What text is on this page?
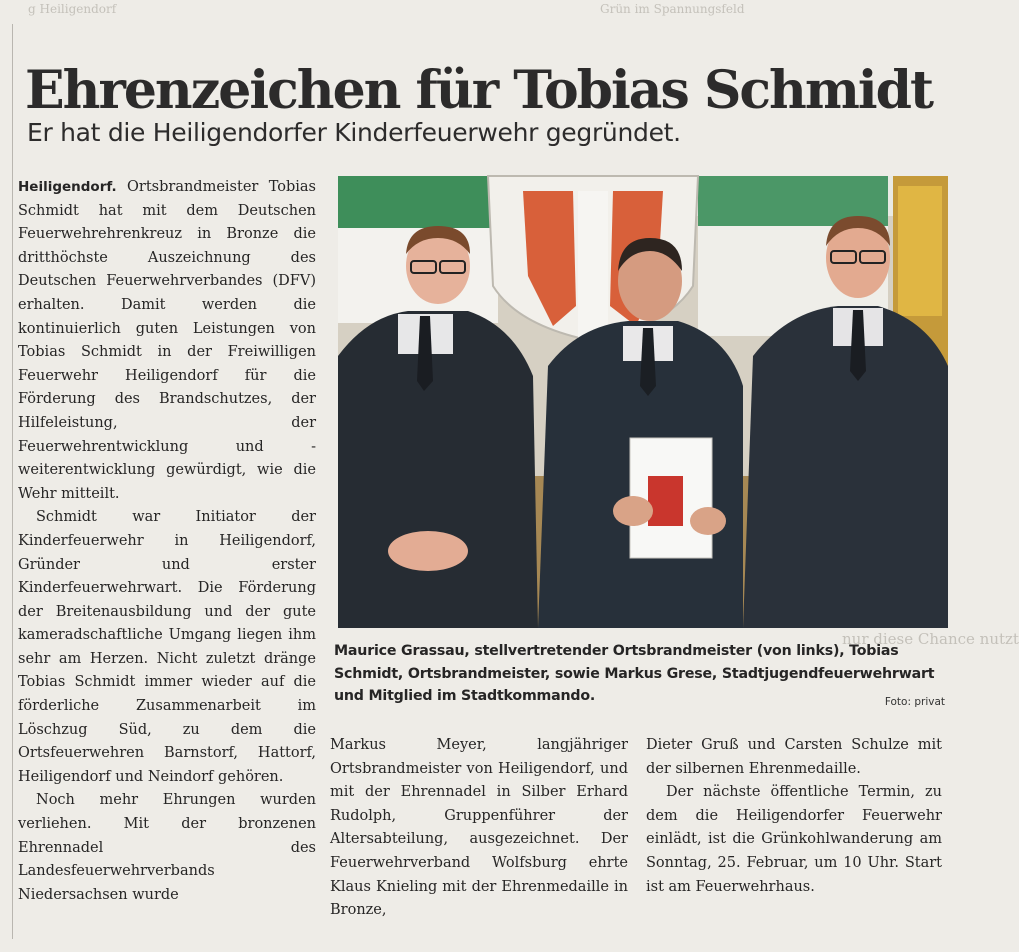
Grün im Spannungsfeld
g Heiligendorf
nur diese Chance nutzt
Ehrenzeichen für Tobias Schmidt
Er hat die Heiligendorfer Kinderfeuerwehr gegründet.

Heiligendorf. Ortsbrandmeister Tobias Schmidt hat mit dem Deutschen Feuerwehrehrenkreuz in Bronze die dritthöchste Auszeichnung des Deutschen Feuerwehrverbandes (DFV) erhalten. Damit werden die kontinuierlich guten Leistungen von Tobias Schmidt in der Freiwilligen Feuerwehr Heiligendorf für die Förderung des Brandschutzes, der Hilfeleistung, der Feuerwehrentwicklung und -weiterentwicklung gewürdigt, wie die Wehr mitteilt.

Schmidt war Initiator der Kinderfeuerwehr in Heiligendorf, Gründer und erster Kinderfeuerwehrwart. Die Förderung der Breitenausbildung und der gute kameradschaftliche Umgang liegen ihm sehr am Herzen. Nicht zuletzt dränge Tobias Schmidt immer wieder auf die förderliche Zusammenarbeit im Löschzug Süd, zu dem die Ortsfeuerwehren Barnstorf, Hattorf, Heiligendorf und Neindorf gehören.

Noch mehr Ehrungen wurden verliehen. Mit der bronzenen Ehrennadel des Landesfeuerwehrverbands Niedersachsen wurde

Maurice Grassau, stellvertretender Ortsbrandmeister (von links), Tobias Schmidt, Ortsbrandmeister, sowie Markus Grese, Stadtjugendfeuerwehrwart und Mitglied im Stadtkommando.	Foto: privat

Markus Meyer, langjähriger Ortsbrandmeister von Heiligendorf, und mit der Ehrennadel in Silber Erhard Rudolph, Gruppenführer der Altersabteilung, ausgezeichnet. Der Feuerwehrverband Wolfsburg ehrte Klaus Knieling mit der Ehrenmedaille in Bronze,

Dieter Gruß und Carsten Schulze mit der silbernen Ehrenmedaille.

Der nächste öffentliche Termin, zu dem die Heiligendorfer Feuerwehr einlädt, ist die Grünkohlwanderung am Sonntag, 25. Februar, um 10 Uhr. Start ist am Feuerwehrhaus.
